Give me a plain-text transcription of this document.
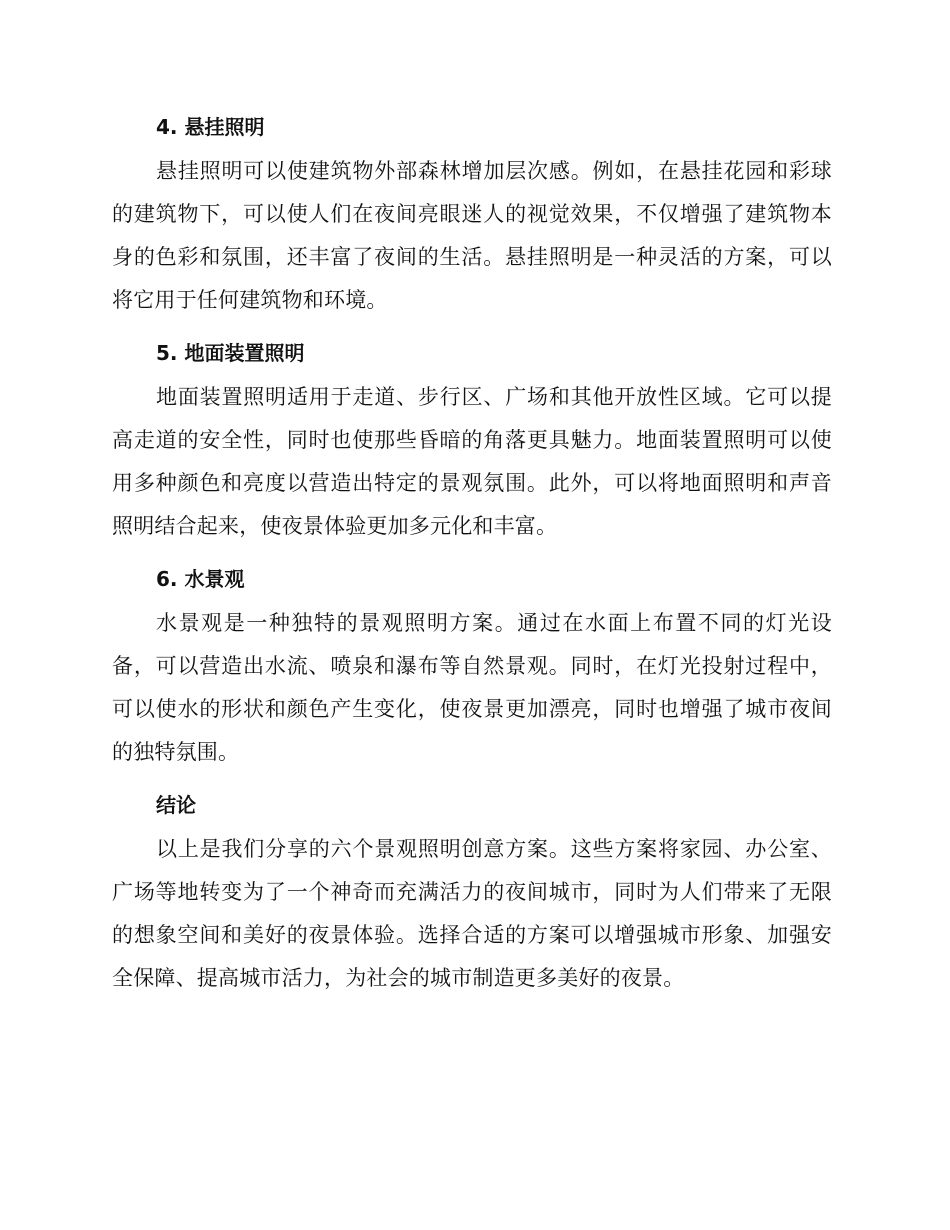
4. 悬挂照明

悬挂照明可以使建筑物外部森林增加层次感。例如，在悬挂花园和彩球的建筑物下，可以使人们在夜间亮眼迷人的视觉效果，不仅增强了建筑物本身的色彩和氛围，还丰富了夜间的生活。悬挂照明是一种灵活的方案，可以将它用于任何建筑物和环境。

5. 地面装置照明

地面装置照明适用于走道、步行区、广场和其他开放性区域。它可以提高走道的安全性，同时也使那些昏暗的角落更具魅力。地面装置照明可以使用多种颜色和亮度以营造出特定的景观氛围。此外，可以将地面照明和声音照明结合起来，使夜景体验更加多元化和丰富。

6. 水景观

水景观是一种独特的景观照明方案。通过在水面上布置不同的灯光设备，可以营造出水流、喷泉和瀑布等自然景观。同时，在灯光投射过程中，可以使水的形状和颜色产生变化，使夜景更加漂亮，同时也增强了城市夜间的独特氛围。

结论

以上是我们分享的六个景观照明创意方案。这些方案将家园、办公室、广场等地转变为了一个神奇而充满活力的夜间城市，同时为人们带来了无限的想象空间和美好的夜景体验。选择合适的方案可以增强城市形象、加强安全保障、提高城市活力，为社会的城市制造更多美好的夜景。
